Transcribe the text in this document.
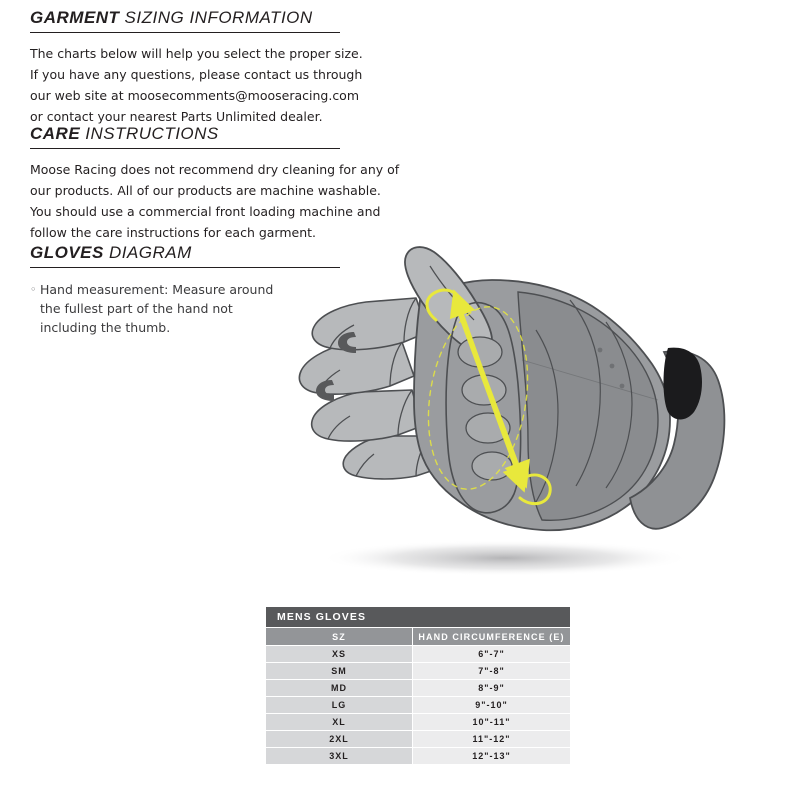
GARMENT SIZING INFORMATION
The charts below will help you select the proper size.
If you have any questions, please contact us through
our web site at moosecomments@mooseracing.com
or contact your nearest Parts Unlimited dealer.
CARE INSTRUCTIONS
Moose Racing does not recommend dry cleaning for any of
our products. All of our products are machine washable.
You should use a commercial front loading machine and
follow the care instructions for each garment.
GLOVES DIAGRAM
◦ Hand measurement: Measure around the fullest part of the hand not including the thumb.
MENS GLOVES	
SZ	HAND CIRCUMFERENCE (E)
XS	6"-7"
SM	7"-8"
MD	8"-9"
LG	9"-10"
XL	10"-11"
2XL	11"-12"
3XL	12"-13"
